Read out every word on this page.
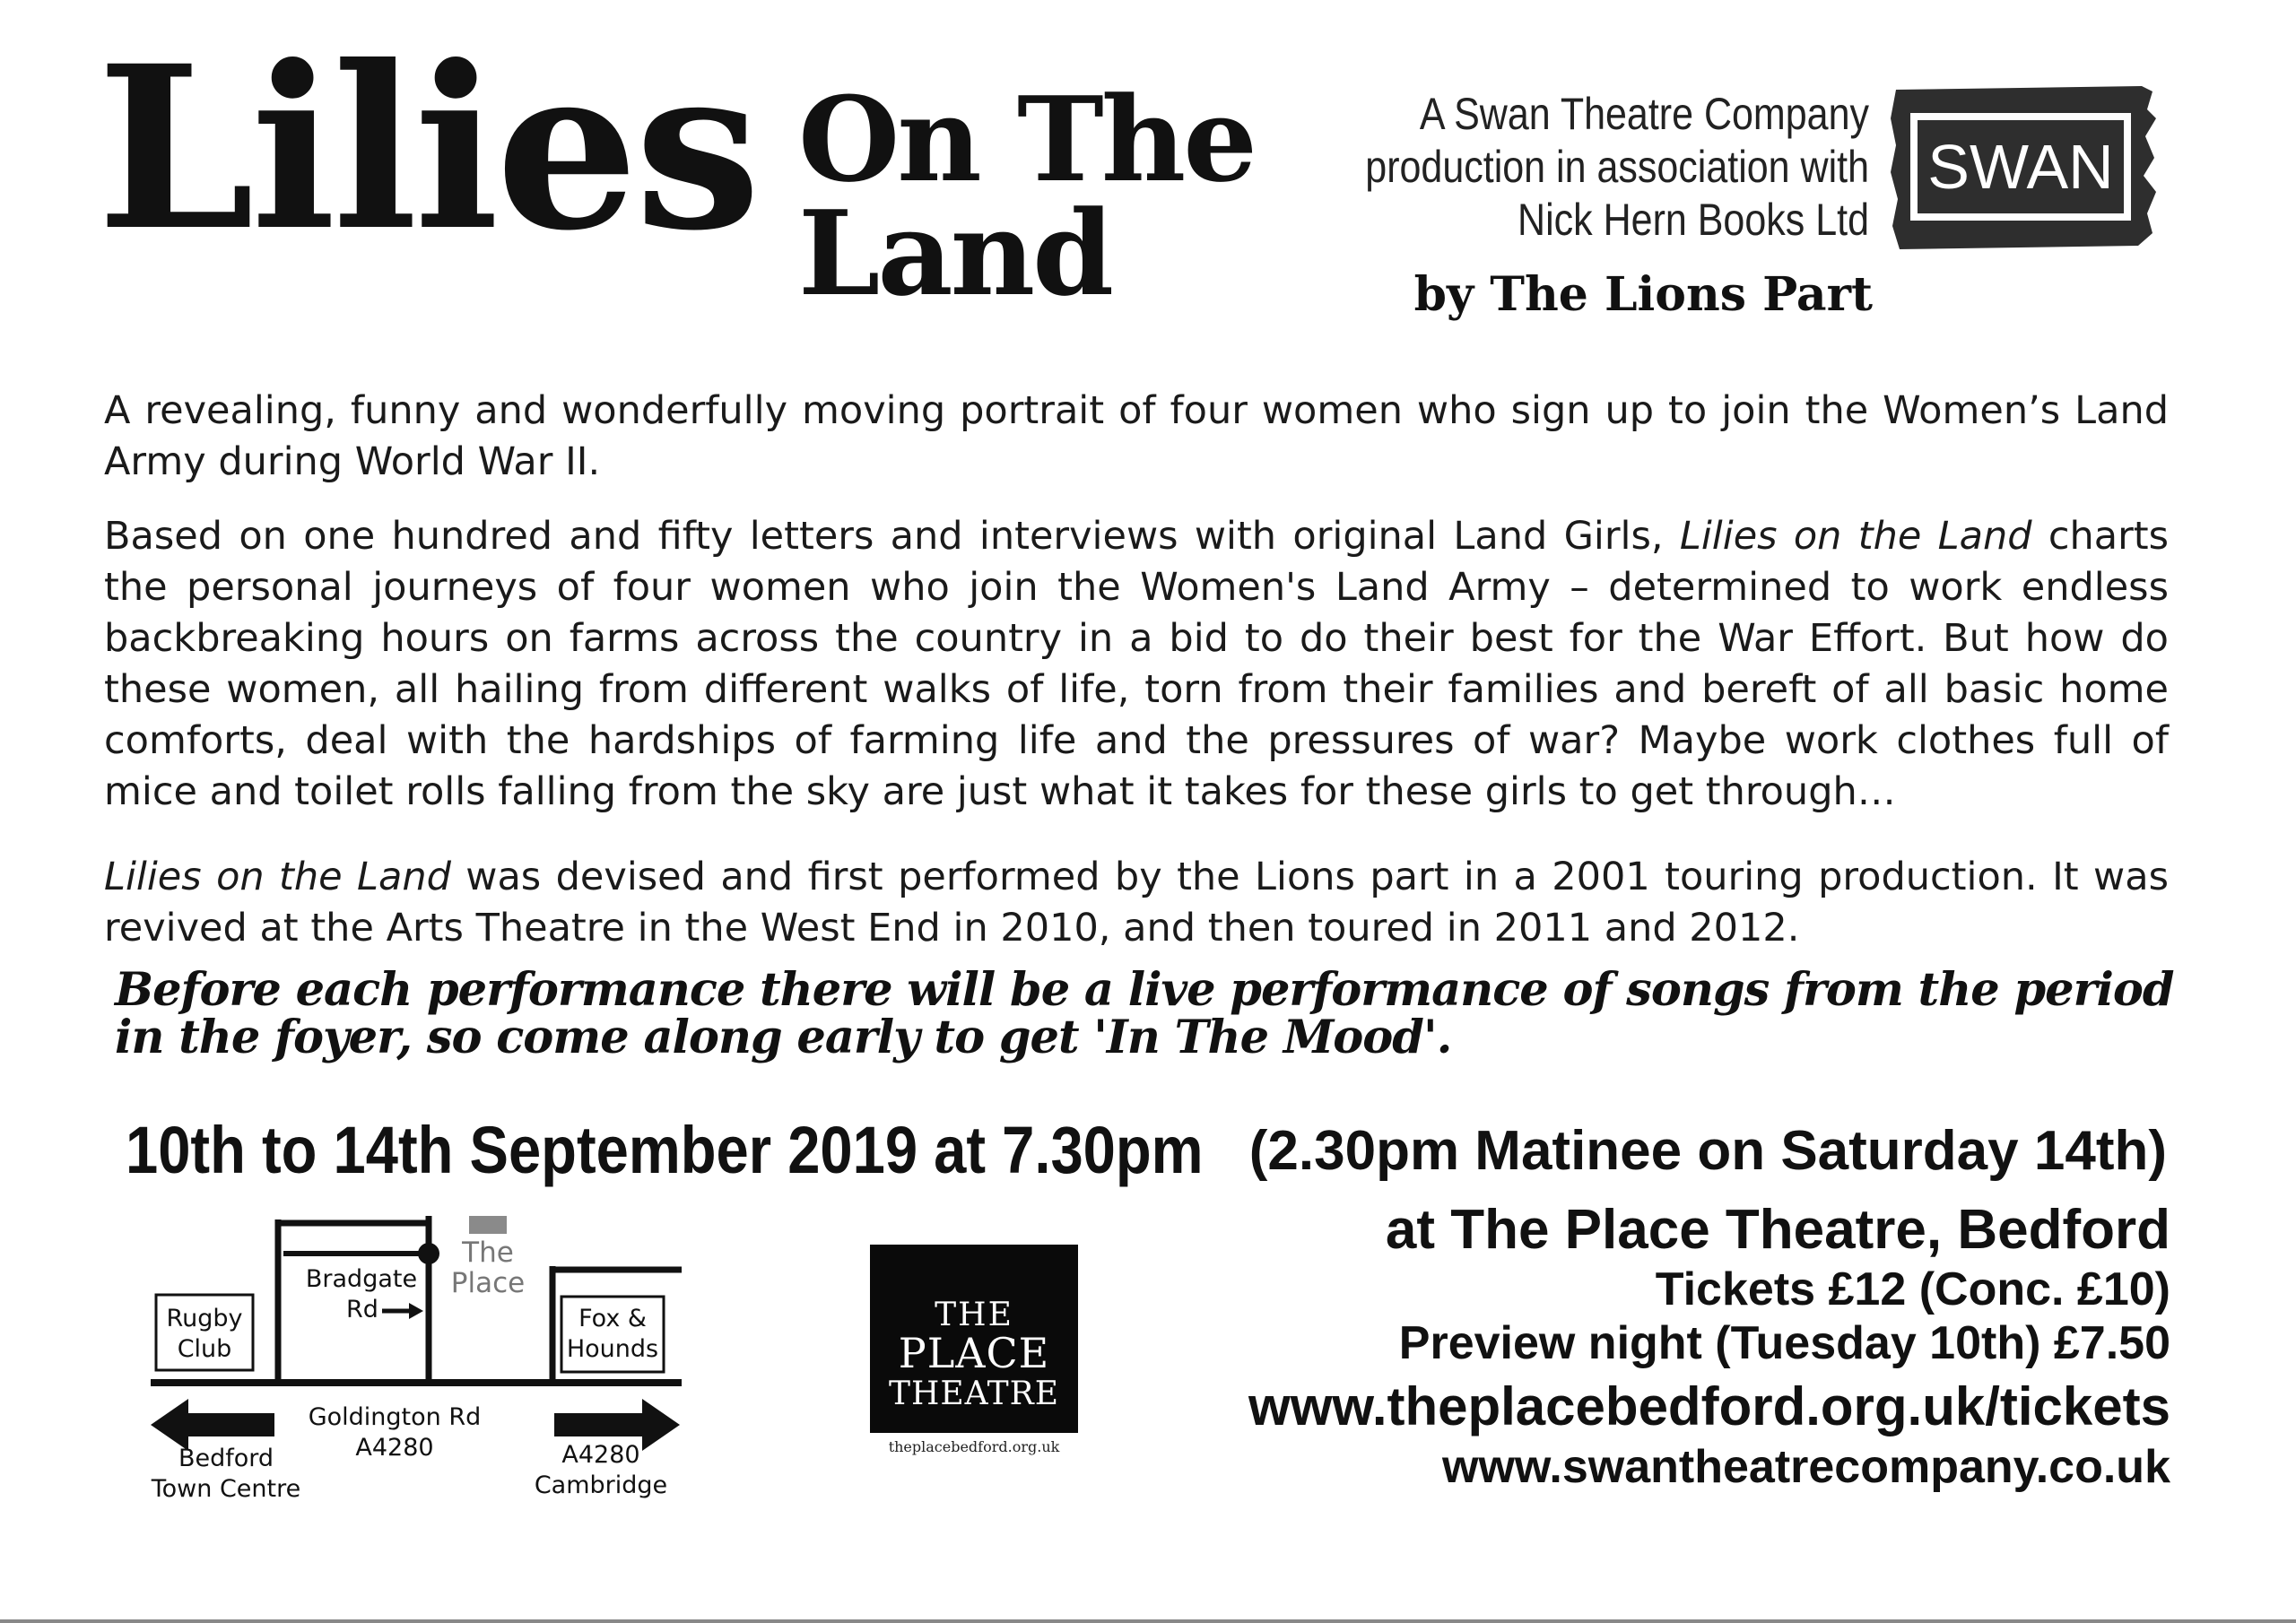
Lilies On The
Land
A Swan Theatre Company
production in association with
Nick Hern Books Ltd
SWAN
by The Lions Part
A revealing, funny and wonderfully moving portrait of four women who sign up to join the Women’s Land Army during World War II.
Based on one hundred and fifty letters and interviews with original Land Girls, Lilies on the Land charts the personal journeys of four women who join the Women's Land Army – determined to work endless backbreaking hours on farms across the country in a bid to do their best for the War Effort. But how do these women, all hailing from different walks of life, torn from their families and bereft of all basic home comforts, deal with the hardships of farming life and the pressures of war? Maybe work clothes full of mice and toilet rolls falling from the sky are just what it takes for these girls to get through…
Lilies on the Land was devised and first performed by the Lions part in a 2001 touring production. It was revived at the Arts Theatre in the West End in 2010, and then toured in 2011 and 2012.
Before each performance there will be a live performance of songs from the period in the foyer, so come along early to get 'In The Mood'.
10th to 14th September 2019 at 7.30pm (2.30pm Matinee on Saturday 14th)
at The Place Theatre, Bedford
Tickets £12 (Conc. £10)
Preview night (Tuesday 10th) £7.50
www.theplacebedford.org.uk/tickets
www.swantheatrecompany.co.uk
Rugby
Club
Bradgate
Rd
The
Place
Fox &
Hounds
Goldington Rd
A4280
Bedford
Town Centre
A4280
Cambridge
THE
PLACE
THEATRE
theplacebedford.org.uk
